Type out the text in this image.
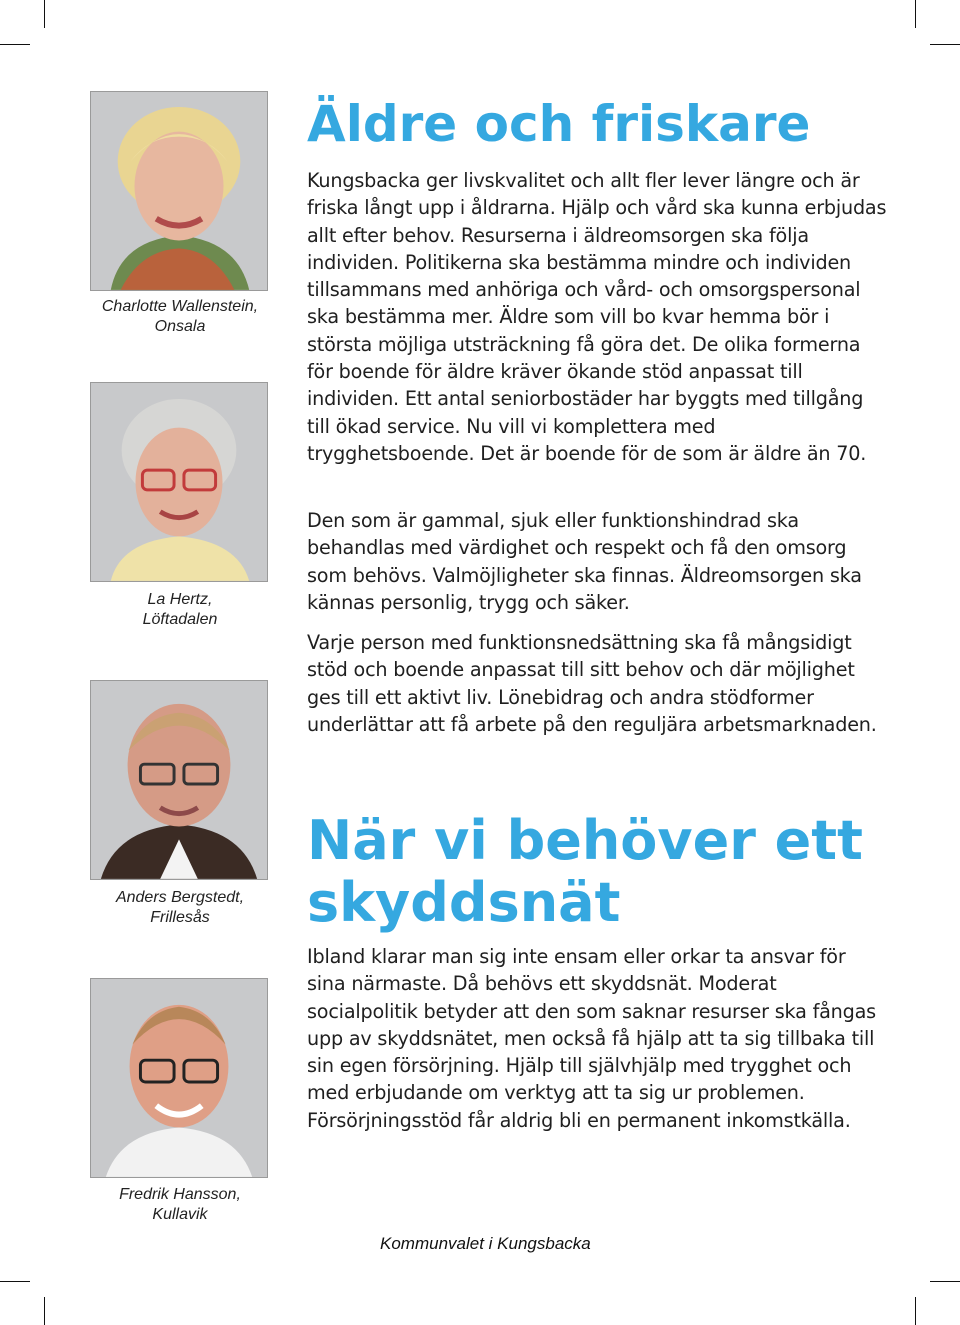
Charlotte Wallenstein,
Onsala
La Hertz,
Löftadalen
Anders Bergstedt,
Frillesås
Fredrik Hansson,
Kullavik
Äldre och friskare

Kungsbacka ger livskvalitet och allt fler lever längre och är friska långt upp i åldrarna. Hjälp och vård ska kunna erbjudas allt efter behov. Resurserna i äldreomsorgen ska följa individen. Politikerna ska bestämma mindre och individen tillsammans med anhöriga och vård- och omsorgspersonal ska bestämma mer. Äldre som vill bo kvar hemma bör i största möjliga utsträckning få göra det. De olika formerna för boende för äldre kräver ökande stöd anpassat till individen. Ett antal seniorbostäder har byggts med tillgång till ökad service. Nu vill vi komplettera med trygghetsboende. Det är boende för de som är äldre än 70.

Den som är gammal, sjuk eller funktionshindrad ska behandlas med värdighet och respekt och få den omsorg som behövs. Valmöjligheter ska finnas. Äldreomsorgen ska kännas personlig, trygg och säker.

Varje person med funktionsnedsättning ska få mångsidigt stöd och boende anpassat till sitt behov och där möjlighet ges till ett aktivt liv. Lönebidrag och andra stödformer underlättar att få arbete på den reguljära arbetsmarknaden.

När vi behöver ett skyddsnät

Ibland klarar man sig inte ensam eller orkar ta ansvar för sina närmaste. Då behövs ett skyddsnät. Moderat socialpolitik betyder att den som saknar resurser ska fångas upp av skyddsnätet, men också få hjälp att ta sig tillbaka till sin egen försörjning. Hjälp till självhjälp med trygghet och med erbjudande om verktyg att ta sig ur problemen. Försörjningsstöd får aldrig bli en permanent inkomstkälla.

Kommunvalet i Kungsbacka
